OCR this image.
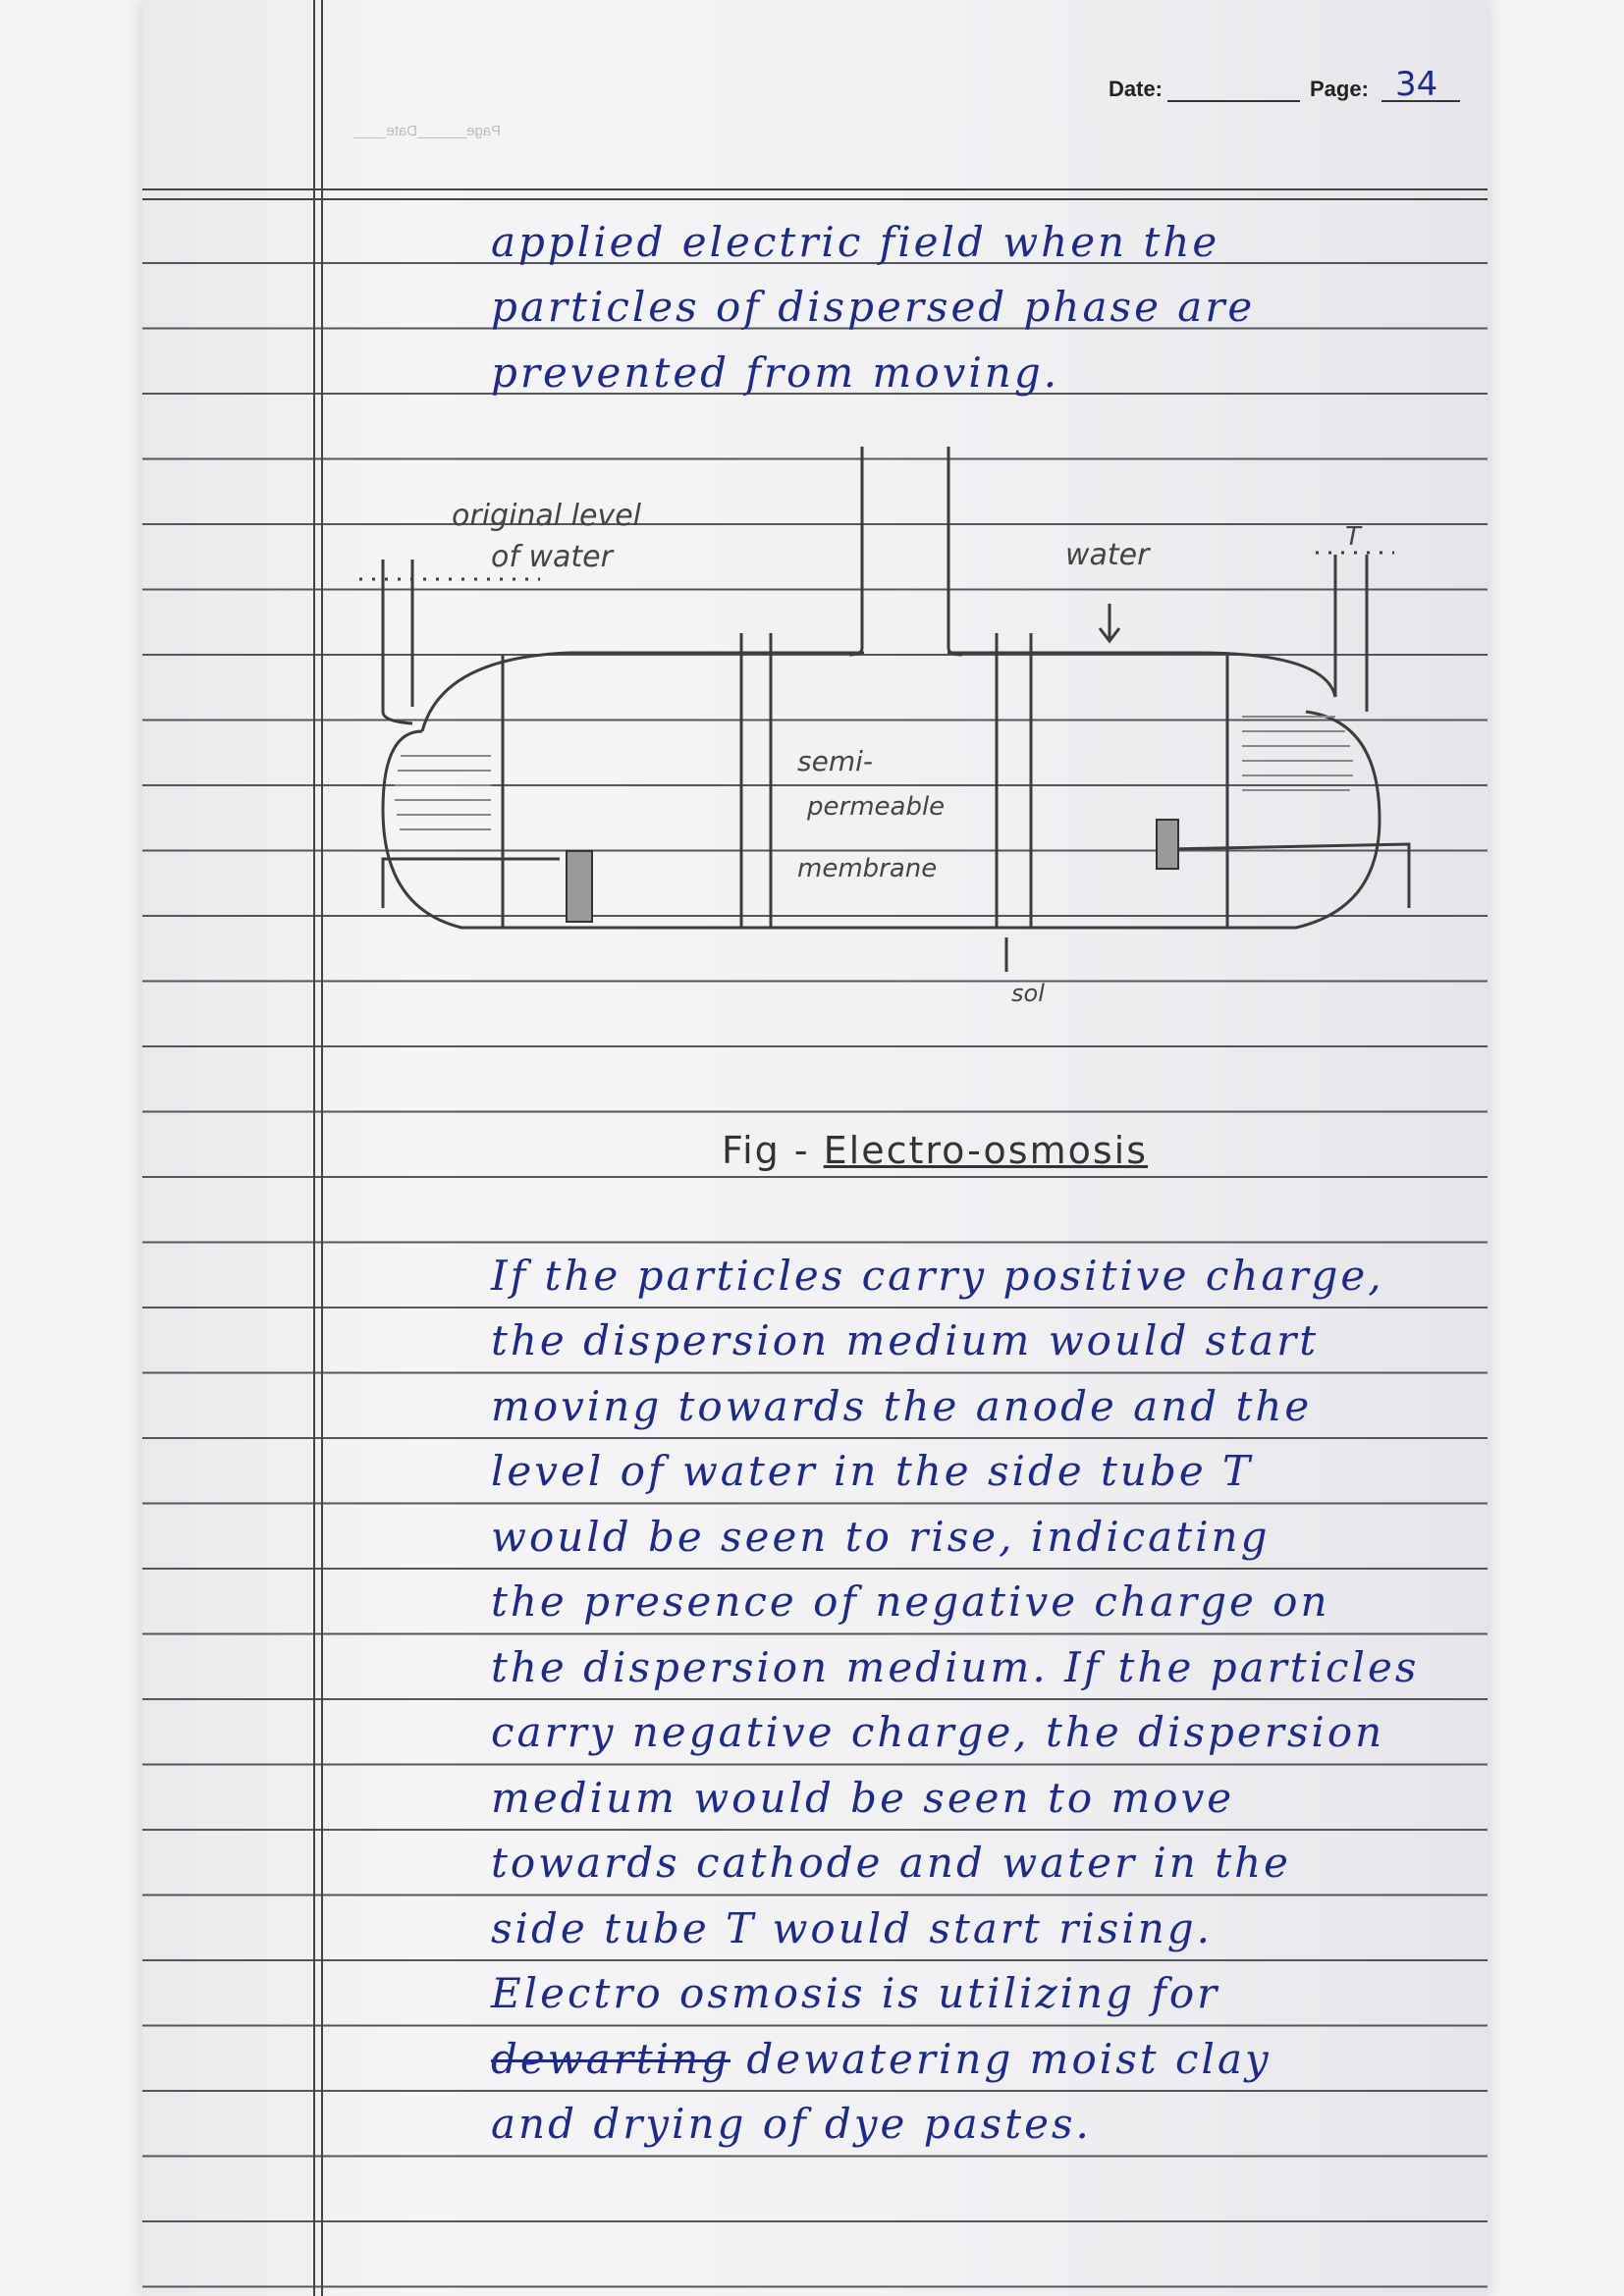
Page______Date____
Date:	Page: 34
applied electric field when the
particles of dispersed phase are
prevented from moving.
original level
of water	water
T
semi-
permeable
membrane
sol
Fig - Electro-osmosis
If the particles carry positive charge,
the dispersion medium would start
moving towards the anode and the
level of water in the side tube T
would be seen to rise, indicating
the presence of negative charge on
the dispersion medium. If the particles
carry negative charge, the dispersion
medium would be seen to move
towards cathode and water in the
side tube T would start rising.
Electro osmosis is utilizing for
dewarting dewatering moist clay
and drying of dye pastes.
